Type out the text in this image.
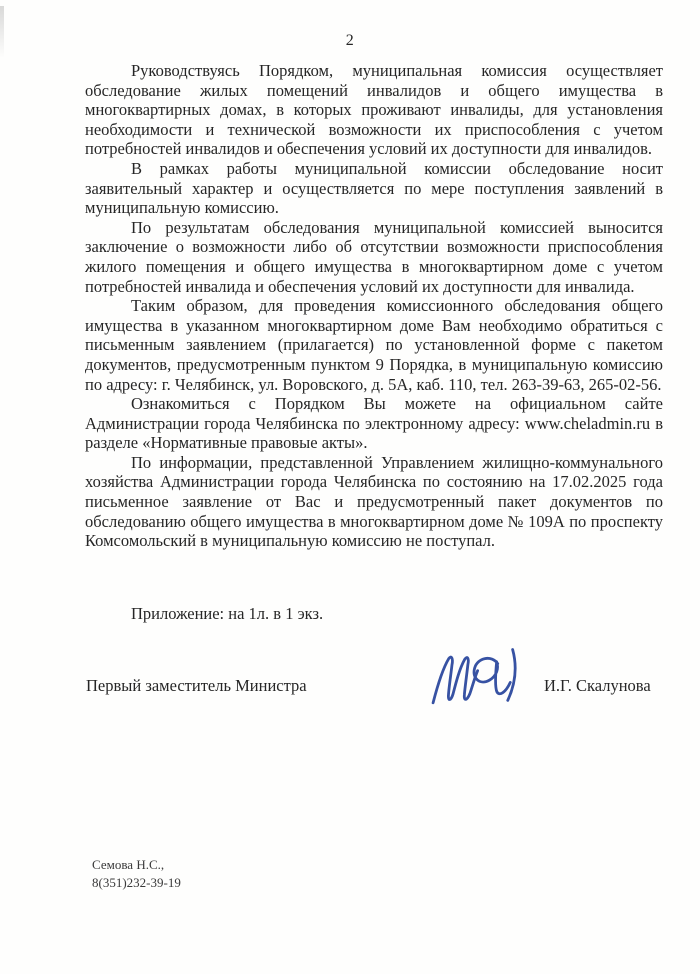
2

Руководствуясь Порядком, муниципальная комиссия осуществляет обследование жилых помещений инвалидов и общего имущества в многоквартирных домах, в которых проживают инвалиды, для установления необходимости и технической возможности их приспособления с учетом потребностей инвалидов и обеспечения условий их доступности для инвалидов.

В рамках работы муниципальной комиссии обследование носит заявительный характер и осуществляется по мере поступления заявлений в муниципальную комиссию.

По результатам обследования муниципальной комиссией выносится заключение о возможности либо об отсутствии возможности приспособления жилого помещения и общего имущества в многоквартирном доме с учетом потребностей инвалида и обеспечения условий их доступности для инвалида.

Таким образом, для проведения комиссионного обследования общего имущества в указанном многоквартирном доме Вам необходимо обратиться с письменным заявлением (прилагается) по установленной форме с пакетом документов, предусмотренным пунктом 9 Порядка, в муниципальную комиссию по адресу: г. Челябинск, ул. Воровского, д. 5А, каб. 110, тел. 263-39-63, 265-02-56.

Ознакомиться с Порядком Вы можете на официальном сайте Администрации города Челябинска по электронному адресу: www.cheladmin.ru в разделе «Нормативные правовые акты».

По информации, представленной Управлением жилищно-коммунального хозяйства Администрации города Челябинска по состоянию на 17.02.2025 года письменное заявление от Вас и предусмотренный пакет документов по обследованию общего имущества в многоквартирном доме № 109А по проспекту Комсомольский в муниципальную комиссию не поступал.

Приложение: на 1л. в 1 экз.
Первый заместитель Министра	И.Г. Скалунова
Семова Н.С.,
8(351)232-39-19
